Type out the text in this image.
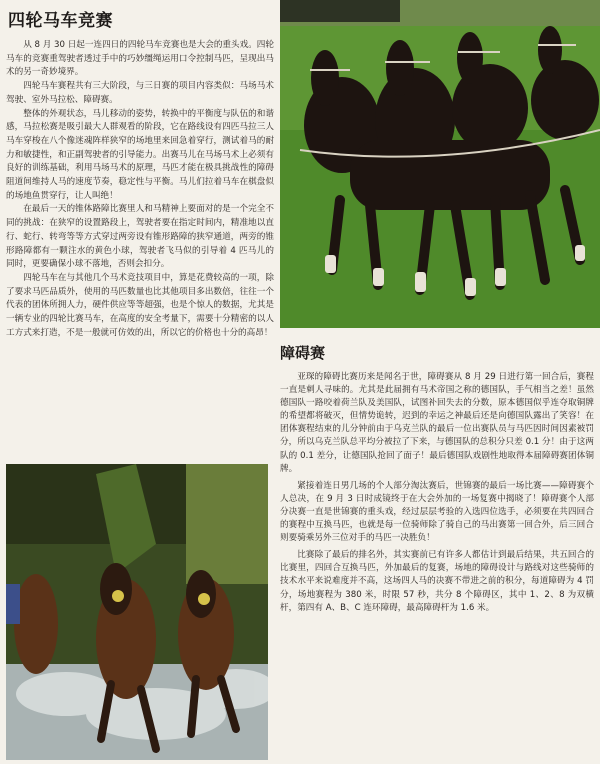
四轮马车竞赛

从 8 月 30 日起一连四日的四轮马车竞赛也是大会的重头戏。四轮马车的竞赛重驾驶者透过手中的巧妙缰绳运用口令控制马匹，呈现出马术的另一奇妙境界。

四轮马车赛程共有三大阶段，与三日赛的项目内容类似：马场马术驾驶、室外马拉松、障碍赛。

整体的外观状态，马儿移动的姿势，转换中的平衡度与队伍的和谐感，马拉松赛是吸引最大人群观看的阶段，它在路线设有四匹马拉三人马车穿梭在八个像迷魂阵样狭窄的场地里来回急着穿行，测试着马的耐力和敏捷性，和正副驾驶者的引导能力。出赛马儿在马场马术上必须有良好的训练基础，利用马场马术的原理，马匹才能在极具挑战性的障碍阻道间维持人马的速度节奏，稳定性与平衡。马儿们拉着马车在棋盘似的场地鱼贯穿行，让人叫绝！

在最后一天的锥体路障比赛里人和马精神上要面对的是一个完全不同的挑战：在狭窄的设置路段上，驾驶者要在指定时间内，精准地以直行、蛇行、转弯等等方式穿过两旁设有锥形路障的狭窄通道，两旁的锥形路障都有一颗注水的黄色小球，驾驶者飞马似的引导着 4 匹马儿的同时，更要确保小球不落地，否则会扣分。

四轮马车在与其他几个马术竞技项目中，算是花费较高的一项，除了要求马匹品质外，使用的马匹数量也比其他项目多出数倍，往往一个代表的团体所拥人力，硬件供应等等超强，也是个惊人的数据，尤其是一辆专业的四轮比赛马车，在高度的安全考量下，需要十分精密的以人工方式来打造，不是一般就可仿效的出，所以它的价格也十分的高昂！

障碍赛

亚琛的障碍比赛历来是闻名于世，障碍赛从 8 月 29 日进行第一回合后，赛程一直是刺人寻味的。尤其是此届拥有马术帝国之称的德国队，手气相当之差！虽然德国队一路咬着荷兰队及美国队，试图补回失去的分数，原本德国似乎连夺取铜牌的希望都将破灭，但情势诡转，迟到的幸运之神最后还是向德国队露出了笑容！在团体赛程结束的儿分钟前由于乌克兰队的最后一位出赛队员与马匹因时间因素被罚分，所以乌克兰队总平均分被拉了下来，与德国队的总积分只差 0.1 分！由于这两队的 0.1 差分，让德国队抢回了面子！最后德国队戏剧性地取得本届障碍赛团体铜牌。

紧接着连日男几场的个人部分淘汰赛后，世锦赛的最后一场比赛——障碍赛个人总决，在 9 月 3 日时成镜终于在大会外加的一场复赛中揭晓了！障碍赛个人部分决赛一直是世锦赛的重头戏，经过层层考验的入选四位选手，必须要在共四回合的赛程中互换马匹，也就是每一位骑师除了骑自己的马出赛第一回合外，后三回合则要骑乘另外三位对手的马匹一决胜负！

比赛除了最后的排名外，其实赛前已有许多人都估计到最后结果，共五回合的比赛里，四回合互换马匹，外加最后的复赛，场地的障碍设计与路线对这些骑师的技术水平来说难度并不高，这场四人马的决赛不带进之前的积分，每道障碍为 4 罚分，场地赛程为 380 米，时限 57 秒，共分 8 个障碍区，其中 1、2、8 为双横杆，第四有 A、B、C 连环障碍，最高障碍杆为 1.6 米。
